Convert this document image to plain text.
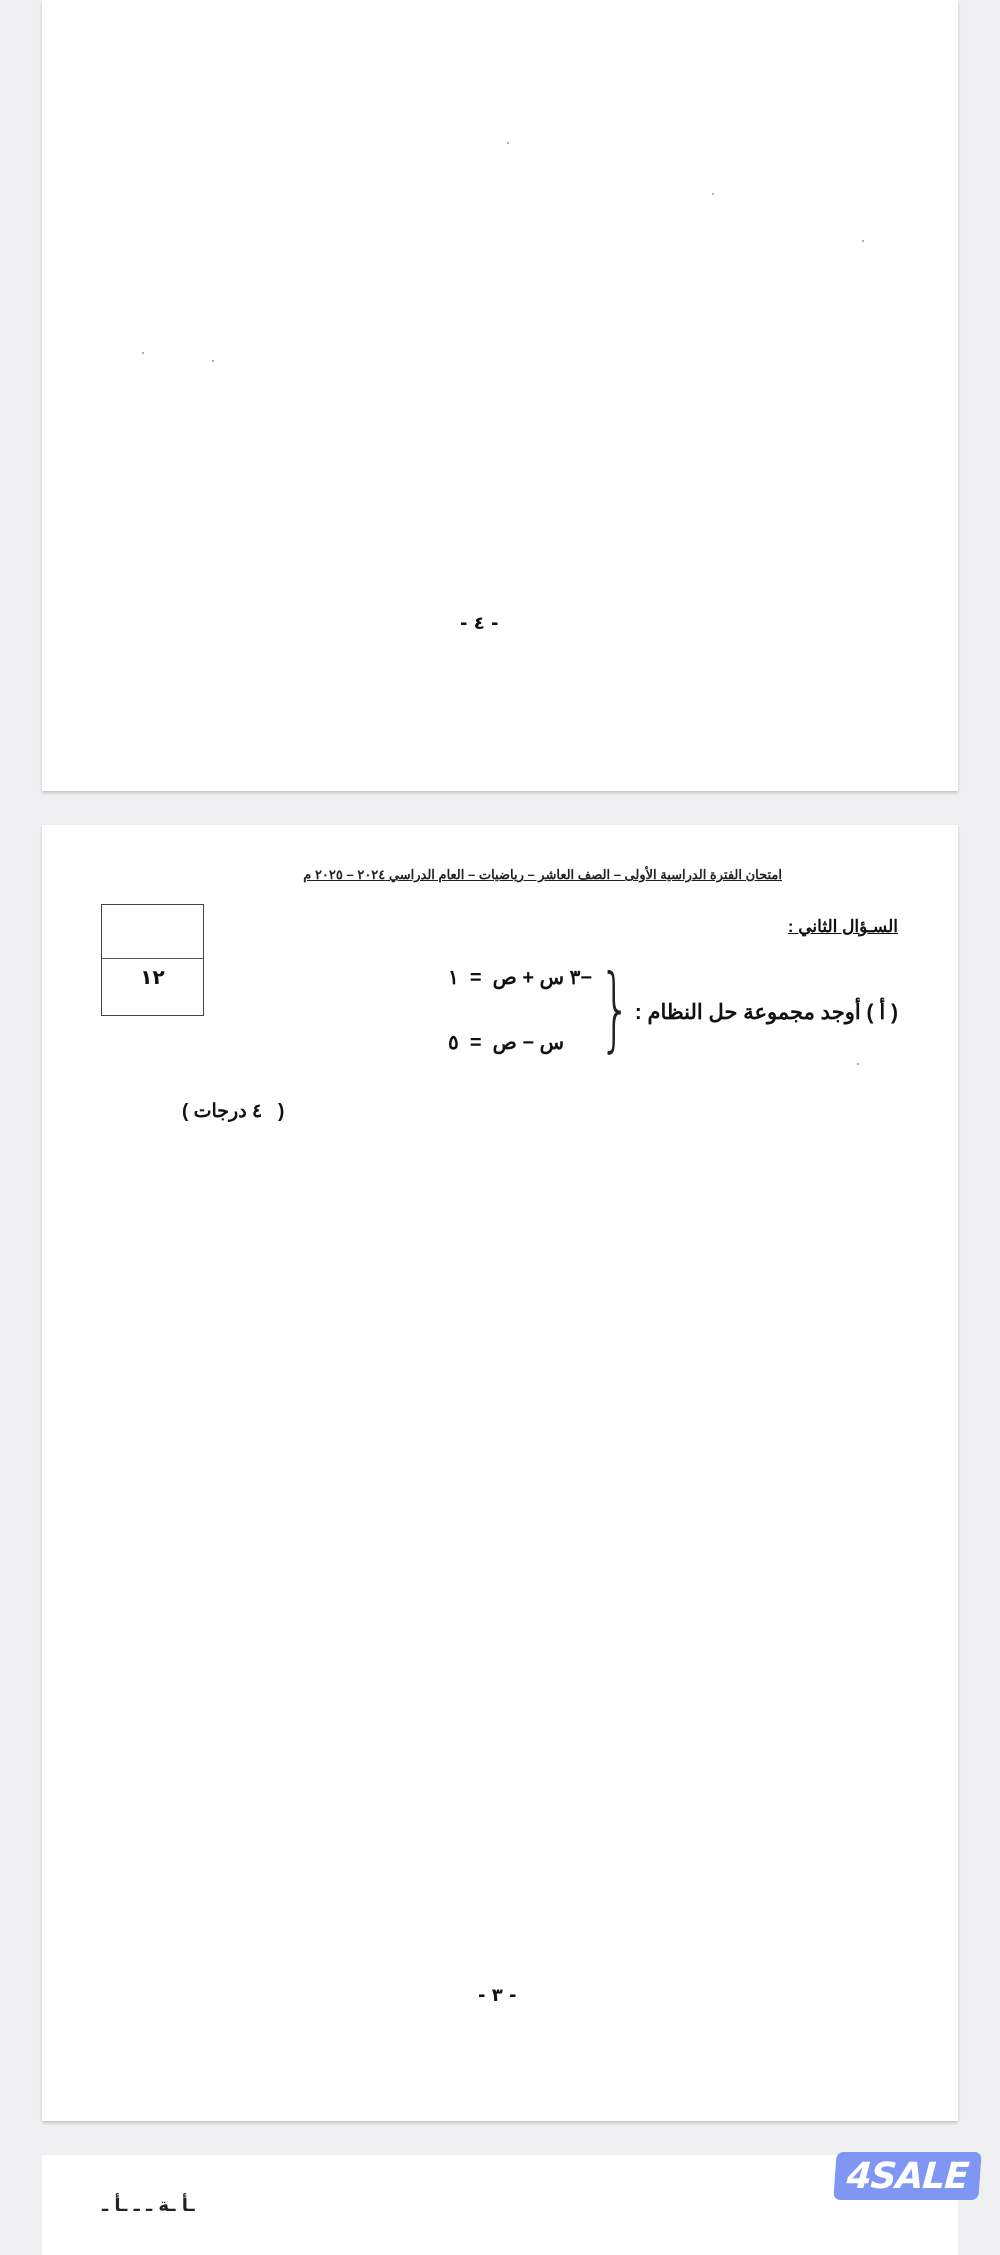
- ٤ -
امتحان الفترة الدراسية الأولى – الصف العاشر – رياضيات – العام الدراسي ٢٠٢٤ – ٢٠٢٥ م
السـؤال الثاني :
١٢	−٣ س + ص  =  ١
س − ص  =  ٥ } ( أ ) أوجد مجموعة حل النظام :
(   ٤ درجات )
- ٣ -
ـأ ـة ـ ـ ـأ ـ
4SALE
